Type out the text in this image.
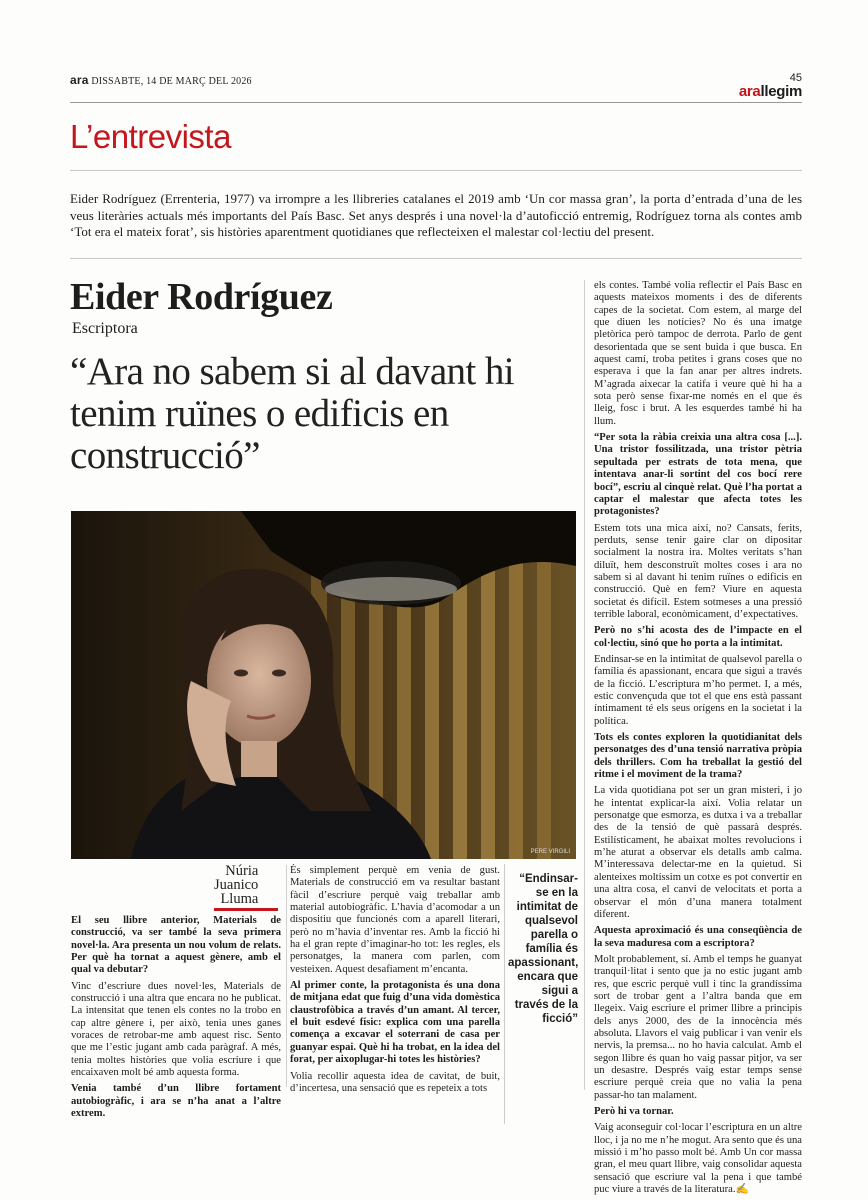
ara DISSABTE, 14 DE MARÇ DEL 2026	45
arallegim
L’entrevista
Eider Rodríguez (Errenteria, 1977) va irrompre a les llibreries catalanes el 2019 amb ‘Un cor massa gran’, la porta d’entrada d’una de les veus literàries actuals més importants del País Basc. Set anys després i una novel·la d’autoficció entremig, Rodríguez torna als contes amb ‘Tot era el mateix forat’, sis històries aparentment quotidianes que reflecteixen el malestar col·lectiu del present.
Eider Rodríguez
Escriptora
“Ara no sabem si al davant hi tenim ruïnes o edificis en construcció”
PERE VIRGILI
Núria
Juanico
Lluma

El seu llibre anterior, Materials de construcció, va ser també la seva primera novel·la. Ara presenta un nou volum de relats. Per què ha tornat a aquest gènere, amb el qual va debutar?

Vinc d’escriure dues novel·les, Materials de construcció i una altra que encara no he publicat. La intensitat que tenen els contes no la trobo en cap altre gènere i, per això, tenia unes ganes voraces de retrobar-me amb aquest risc. Sento que me l’estic jugant amb cada paràgraf. A més, tenia moltes històries que volia escriure i que encaixaven molt bé amb aquesta forma.

Venia també d’un llibre fortament autobiogràfic, i ara se n’ha anat a l’altre extrem.

És simplement perquè em venia de gust. Materials de construcció em va resultar bastant fàcil d’escriure perquè vaig treballar amb material autobiogràfic. L’havia d’acomodar a un dispositiu que funcionés com a aparell literari, però no m’havia d’inventar res. Amb la ficció hi ha el gran repte d’imaginar-ho tot: les regles, els personatges, la manera com parlen, com vesteixen. Aquest desafiament m’encanta.

Al primer conte, la protagonista és una dona de mitjana edat que fuig d’una vida domèstica claustrofòbica a través d’un amant. Al tercer, el buit esdevé físic: explica com una parella comença a excavar el soterrani de casa per guanyar espai. Què hi ha trobat, en la idea del forat, per aixoplugar-hi totes les històries?

Volia recollir aquesta idea de cavitat, de buit, d’incertesa, una sensació que es repeteix a tots

“Endinsar-se en la intimitat de qualsevol parella o família és apassionant, encara que sigui a través de la ficció”

els contes. També volia reflectir el País Basc en aquests mateixos moments i des de diferents capes de la societat. Com estem, al marge del que diuen les notícies? No és una imatge pletòrica però tampoc de derrota. Parlo de gent desorientada que se sent buida i que busca. En aquest camí, troba petites i grans coses que no esperava i que la fan anar per altres indrets. M’agrada aixecar la catifa i veure què hi ha a sota però sense fixar-me només en el que és lleig, fosc i brut. A les esquerdes també hi ha llum.

“Per sota la ràbia creixia una altra cosa [...]. Una tristor fossilitzada, una tristor pètria sepultada per estrats de tota mena, que intentava anar-li sortint del cos bocí rere bocí”, escriu al cinquè relat. Què l’ha portat a captar el malestar que afecta totes les protagonistes?

Estem tots una mica així, no? Cansats, ferits, perduts, sense tenir gaire clar on dipositar socialment la nostra ira. Moltes veritats s’han diluït, hem desconstruït moltes coses i ara no sabem si al davant hi tenim ruïnes o edificis en construcció. Què en fem? Viure en aquesta societat és difícil. Estem sotmeses a una pressió terrible laboral, econòmicament, d’expectatives.

Però no s’hi acosta des de l’impacte en el col·lectiu, sinó que ho porta a la intimitat.

Endinsar-se en la intimitat de qualsevol parella o família és apassionant, encara que sigui a través de la ficció. L’escriptura m’ho permet. I, a més, estic convençuda que tot el que ens està passant íntimament té els seus orígens en la societat i la política.

Tots els contes exploren la quotidianitat dels personatges des d’una tensió narrativa pròpia dels thrillers. Com ha treballat la gestió del ritme i el moviment de la trama?

La vida quotidiana pot ser un gran misteri, i jo he intentat explicar-la així. Volia relatar un personatge que esmorza, es dutxa i va a treballar des de la tensió de què passarà després. Estilísticament, he abaixat moltes revolucions i m’he aturat a observar els detalls amb calma. M’interessava delectar-me en la quietud. Si alenteixes moltíssim un cotxe es pot convertir en una altra cosa, el canvi de velocitats et porta a observar el món d’una manera totalment diferent.

Aquesta aproximació és una conseqüència de la seva maduresa com a escriptora?

Molt probablement, sí. Amb el temps he guanyat tranquil·litat i sento que ja no estic jugant amb res, que escric perquè vull i tinc la grandíssima sort de trobar gent a l’altra banda que em llegeix. Vaig escriure el primer llibre a principis dels anys 2000, des de la innocència més absoluta. Llavors el vaig publicar i van venir els nervis, la premsa... no ho havia calculat. Amb el segon llibre és quan ho vaig passar pitjor, va ser un desastre. Després vaig estar temps sense escriure perquè creia que no valia la pena passar-ho tan malament.

Però hi va tornar.

Vaig aconseguir col·locar l’escriptura en un altre lloc, i ja no me n’he mogut. Ara sento que és una missió i m’ho passo molt bé. Amb Un cor massa gran, el meu quart llibre, vaig consolidar aquesta sensació que escriure val la pena i que també puc viure a través de la literatura.✍
